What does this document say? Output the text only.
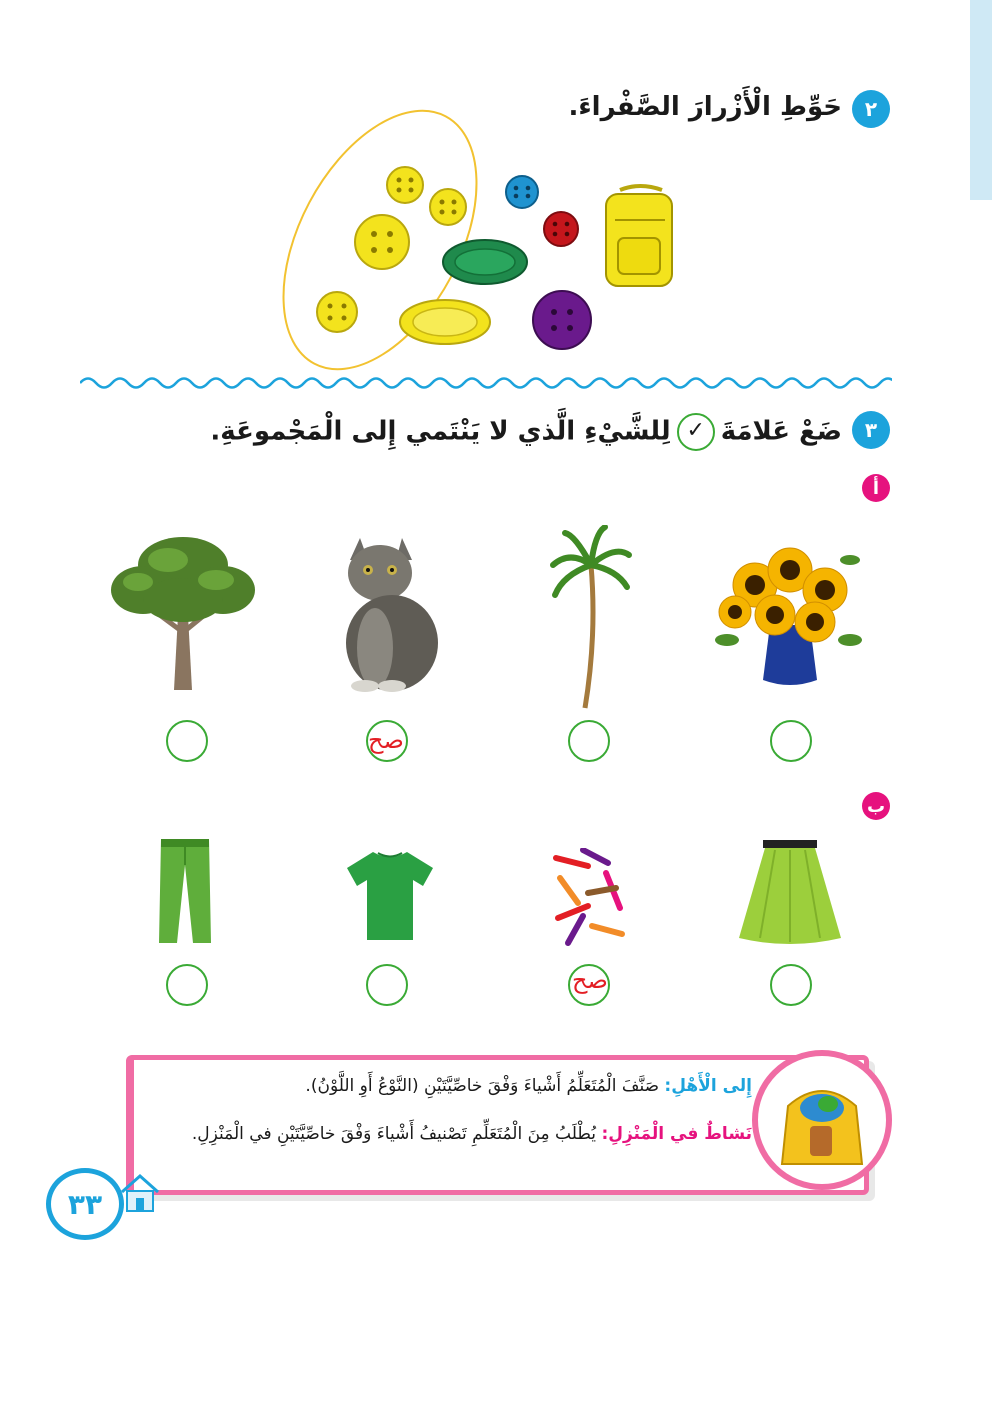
٢
حَوِّطِ الْأَزْرارَ الصَّفْراءَ.
٣
ضَعْ عَلامَةَ✓لِلشَّيْءِ الَّذي لا يَنْتَمي إِلى الْمَجْموعَةِ.
أ
صح
ب
صح
إِلى الْأَهْلِ: صَنَّفَ الْمُتَعَلِّمُ أَشْياءَ وَفْقَ خاصِّيَّتَيْنِ (النَّوْعُ أَوِ اللَّوْنُ).
نَشاطٌ في الْمَنْزِلِ: يُطْلَبُ مِنَ الْمُتَعَلِّمِ تَصْنيفُ أَشْياءَ وَفْقَ خاصِّيَّتَيْنِ في الْمَنْزِلِ.
٣٣
